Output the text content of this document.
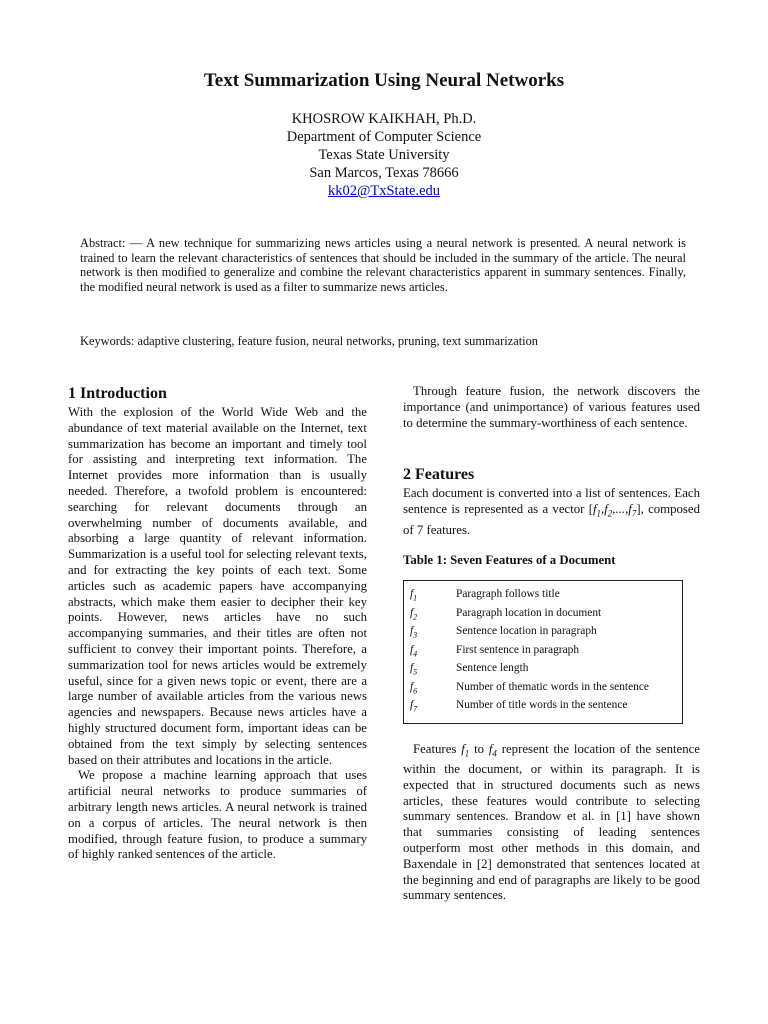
Text Summarization Using Neural Networks
KHOSROW KAIKHAH, Ph.D.
Department of Computer Science
Texas State University
San Marcos, Texas 78666
kk02@TxState.edu

Abstract: — A new technique for summarizing news articles using a neural network is presented. A neural network is trained to learn the relevant characteristics of sentences that should be included in the summary of the article. The neural network is then modified to generalize and combine the relevant characteristics apparent in summary sentences. Finally, the modified neural network is used as a filter to summarize news articles.

Keywords: adaptive clustering, feature fusion, neural networks, pruning, text summarization

1 Introduction

With the explosion of the World Wide Web and the abundance of text material available on the Internet, text summarization has become an important and timely tool for assisting and interpreting text information. The Internet provides more information than is usually needed. Therefore, a twofold problem is encountered: searching for relevant documents through an overwhelming number of documents available, and absorbing a large quantity of relevant information. Summarization is a useful tool for selecting relevant texts, and for extracting the key points of each text. Some articles such as academic papers have accompanying abstracts, which make them easier to decipher their key points. However, news articles have no such accompanying summaries, and their titles are often not sufficient to convey their important points. Therefore, a summarization tool for news articles would be extremely useful, since for a given news topic or event, there are a large number of available articles from the various news agencies and newspapers. Because news articles have a highly structured document form, important ideas can be obtained from the text simply by selecting sentences based on their attributes and locations in the article.

We propose a machine learning approach that uses artificial neural networks to produce summaries of arbitrary length news articles. A neural network is trained on a corpus of articles. The neural network is then modified, through feature fusion, to produce a summary of highly ranked sentences of the article.

Through feature fusion, the network discovers the importance (and unimportance) of various features used to determine the summary-worthiness of each sentence.

2 Features

Each document is converted into a list of sentences. Each sentence is represented as a vector $[f_1,f_2,...,f_7]$, composed of 7 features.

Table 1: Seven Features of a Document

$f_1$	Paragraph follows title
$f_2$	Paragraph location in document
$f_3$	Sentence location in paragraph
$f_4$	First sentence in paragraph
$f_5$	Sentence length
$f_6$	Number of thematic words in the sentence
$f_7$	Number of title words in the sentence

Features $f_1$ to $f_4$ represent the location of the sentence within the document, or within its paragraph. It is expected that in structured documents such as news articles, these features would contribute to selecting summary sentences. Brandow et al. in [1] have shown that summaries consisting of leading sentences outperform most other methods in this domain, and Baxendale in [2] demonstrated that sentences located at the beginning and end of paragraphs are likely to be good summary sentences.
